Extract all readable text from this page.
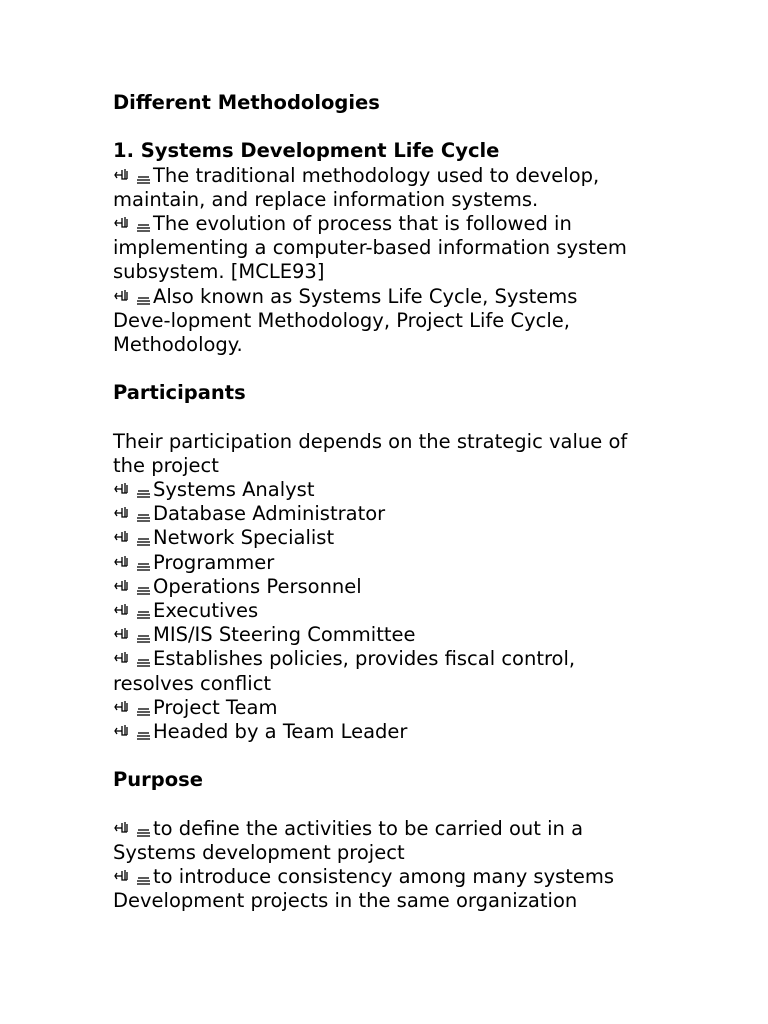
Different Methodologies
1. Systems Development Life Cycle
The traditional methodology used to develop,
maintain, and replace information systems.
The evolution of process that is followed in
implementing a computer-based information system
subsystem. [MCLE93]
Also known as Systems Life Cycle, Systems
Deve-lopment Methodology, Project Life Cycle,
Methodology.
Participants
Their participation depends on the strategic value of
the project
Systems Analyst
Database Administrator
Network Specialist
Programmer
Operations Personnel
Executives
MIS/IS Steering Committee
Establishes policies, provides fiscal control,
resolves conflict
Project Team
Headed by a Team Leader
Purpose
to define the activities to be carried out in a
Systems development project
to introduce consistency among many systems
Development projects in the same organization
